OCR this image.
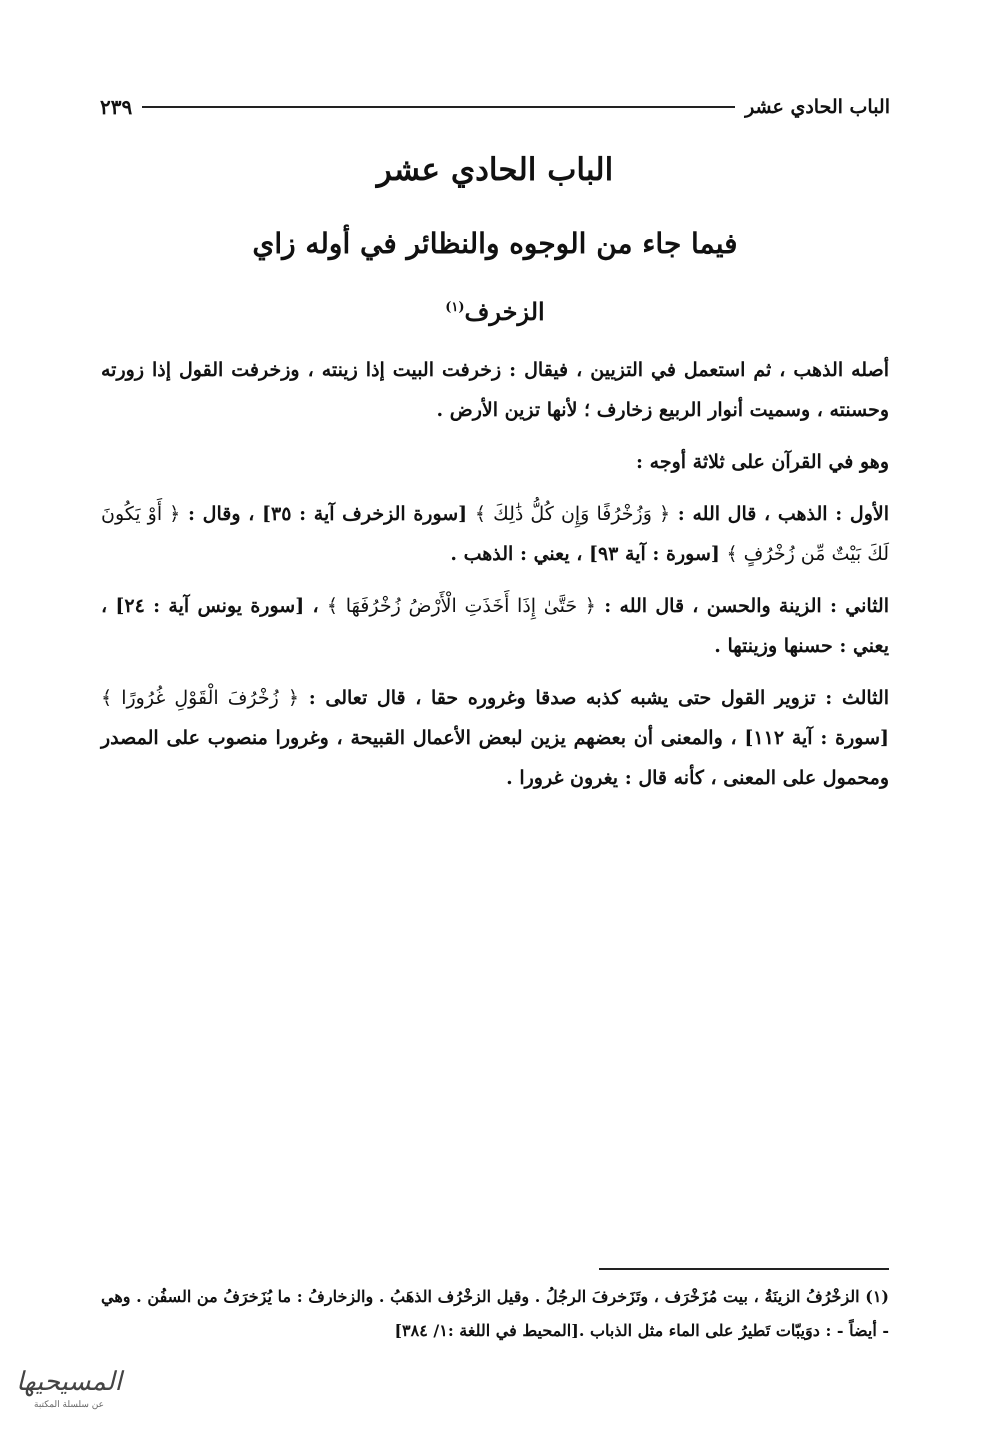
الباب الحادي عشر
٢٣٩
الباب الحادي عشر
فيما جاء من الوجوه والنظائر في أوله زاي
الزخرف$^{(١)}$

أصله الذهب ، ثم استعمل في التزيين ، فيقال : زخرفت البيت إذا زينته ، وزخرفت القول إذا زورته وحسنته ، وسميت أنوار الربيع زخارف ؛ لأنها تزين الأرض .

وهو في القرآن على ثلاثة أوجه :

الأول : الذهب ، قال الله : ﴿ وَزُخْرُفًا وَإِن كُلُّ ذَٰلِكَ ﴾ [سورة الزخرف آية : ٣٥] ، وقال : ﴿ أَوْ يَكُونَ لَكَ بَيْتٌ مِّن زُخْرُفٍ ﴾ [سورة : آية ٩٣] ، يعني : الذهب .

الثاني : الزينة والحسن ، قال الله : ﴿ حَتَّىٰ إِذَا أَخَذَتِ الْأَرْضُ زُخْرُفَهَا ﴾ ، [سورة يونس آية : ٢٤] ، يعني : حسنها وزينتها .

الثالث : تزوير القول حتى يشبه كذبه صدقا وغروره حقا ، قال تعالى : ﴿ زُخْرُفَ الْقَوْلِ غُرُورًا ﴾ [سورة : آية ١١٢] ، والمعنى أن بعضهم يزين لبعض الأعمال القبيحة ، وغرورا منصوب على المصدر ومحمول على المعنى ، كأنه قال : يغرون غرورا .

(١) الزخْرُفُ الزينَةُ ، بيت مُزَخْرَف ، وتَزَخرفَ الرجُلُ . وقيل الزخْرُف الذهَبُ . والزخارفُ : ما يُزَخرَفُ من السفُن . وهي - أيضاً - : دوَيبّات تَطيرُ على الماء مثل الذباب .[المحيط في اللغة :١/ ٣٨٤]
المسيحيها
عن سلسلة المكتبة
